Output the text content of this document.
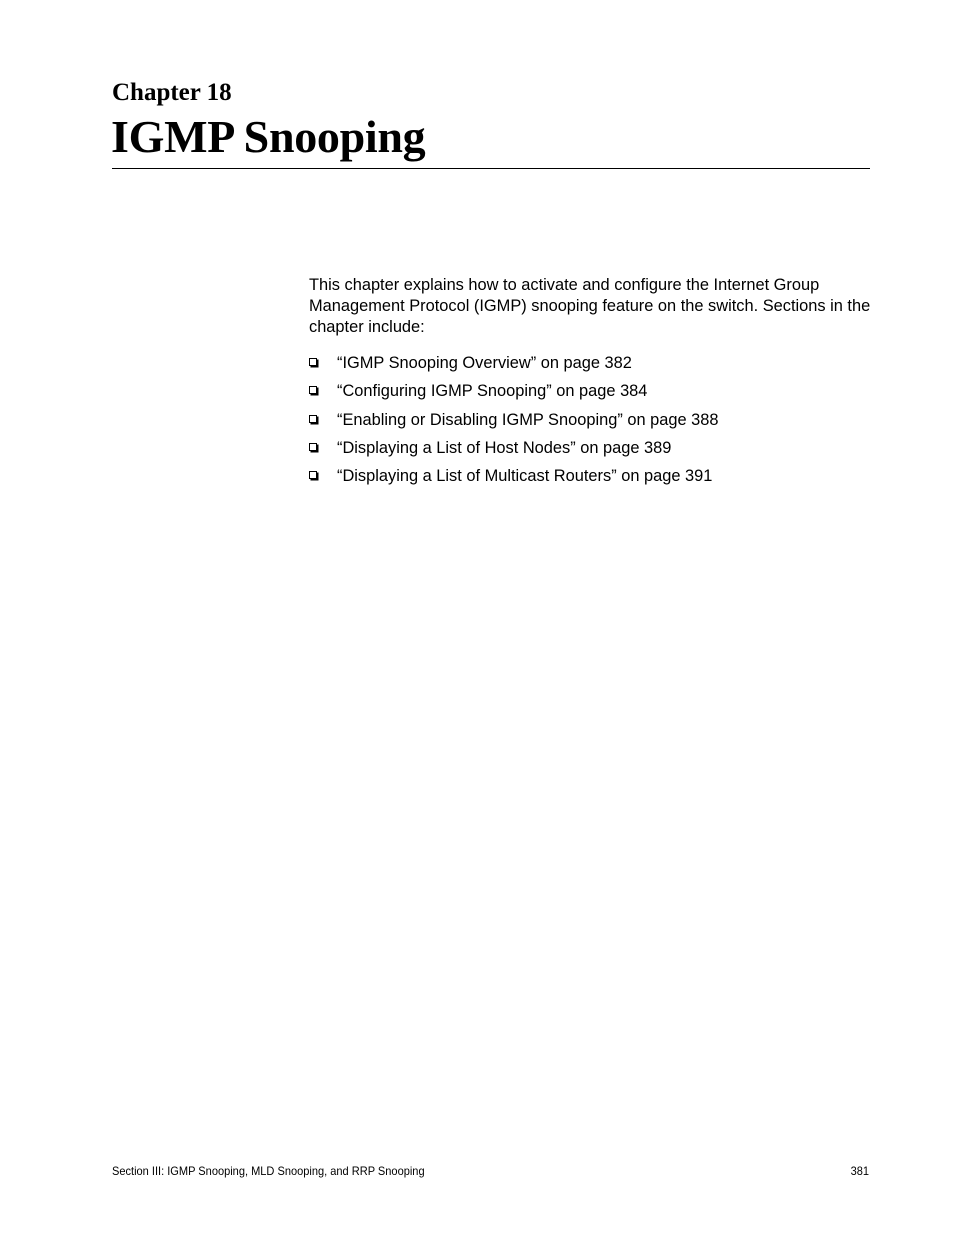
Chapter 18
IGMP Snooping

This chapter explains how to activate and configure the Internet Group Management Protocol (IGMP) snooping feature on the switch. Sections in the chapter include:

“IGMP Snooping Overview” on page 382
“Configuring IGMP Snooping” on page 384
“Enabling or Disabling IGMP Snooping” on page 388
“Displaying a List of Host Nodes” on page 389
“Displaying a List of Multicast Routers” on page 391
Section III: IGMP Snooping, MLD Snooping, and RRP Snooping	381
